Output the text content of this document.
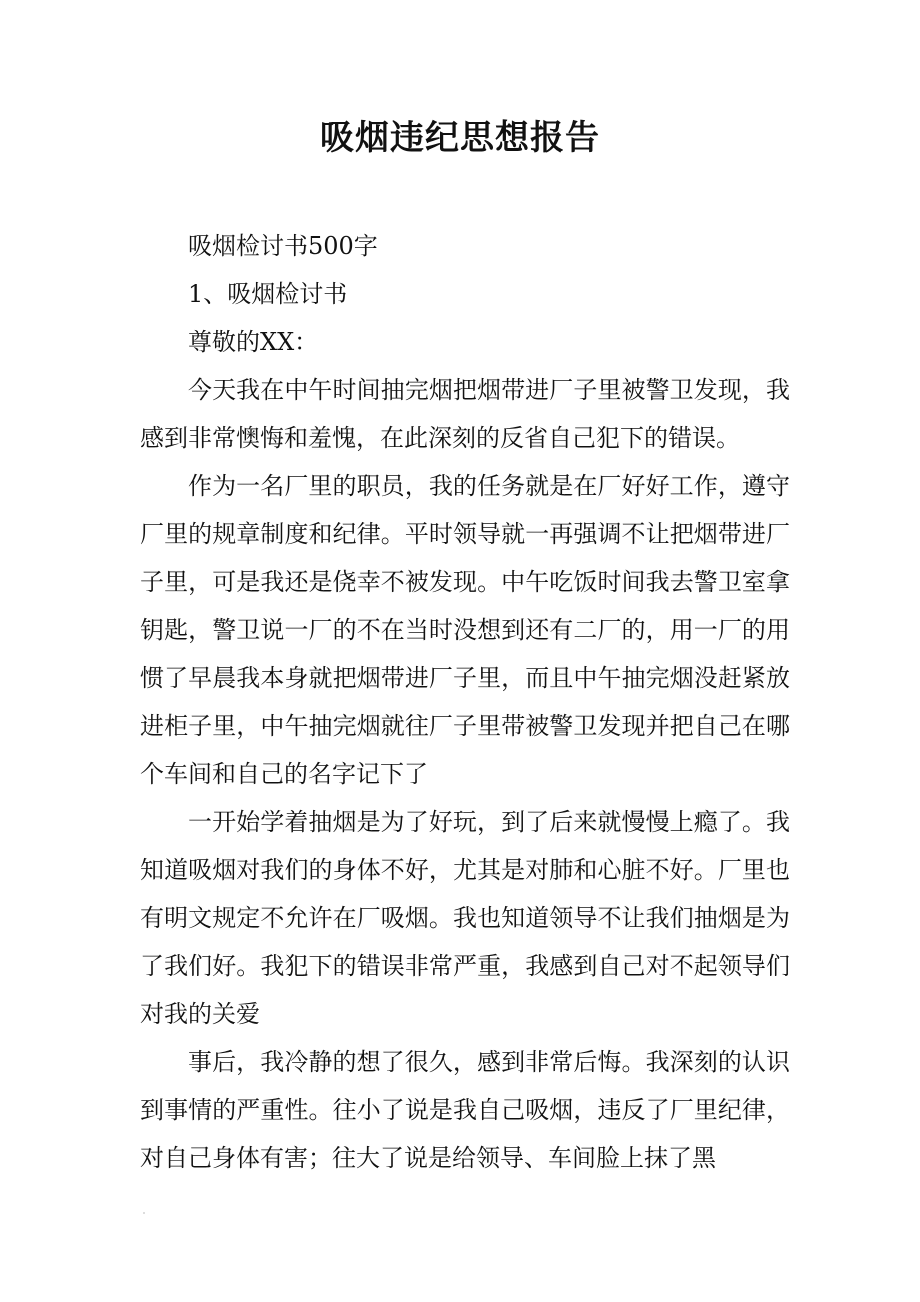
吸烟违纪思想报告

吸烟检讨书500字

1、吸烟检讨书

尊敬的XX：

今天我在中午时间抽完烟把烟带进厂子里被警卫发现，我感到非常懊悔和羞愧，在此深刻的反省自己犯下的错误。

作为一名厂里的职员，我的任务就是在厂好好工作，遵守厂里的规章制度和纪律。平时领导就一再强调不让把烟带进厂子里，可是我还是侥幸不被发现。中午吃饭时间我去警卫室拿钥匙，警卫说一厂的不在当时没想到还有二厂的，用一厂的用惯了早晨我本身就把烟带进厂子里，而且中午抽完烟没赶紧放进柜子里，中午抽完烟就往厂子里带被警卫发现并把自己在哪个车间和自己的名字记下了

一开始学着抽烟是为了好玩，到了后来就慢慢上瘾了。我知道吸烟对我们的身体不好，尤其是对肺和心脏不好。厂里也有明文规定不允许在厂吸烟。我也知道领导不让我们抽烟是为了我们好。我犯下的错误非常严重，我感到自己对不起领导们对我的关爱

事后，我冷静的想了很久，感到非常后悔。我深刻的认识到事情的严重性。往小了说是我自己吸烟，违反了厂里纪律，对自己身体有害；往大了说是给领导、车间脸上抹了黑
